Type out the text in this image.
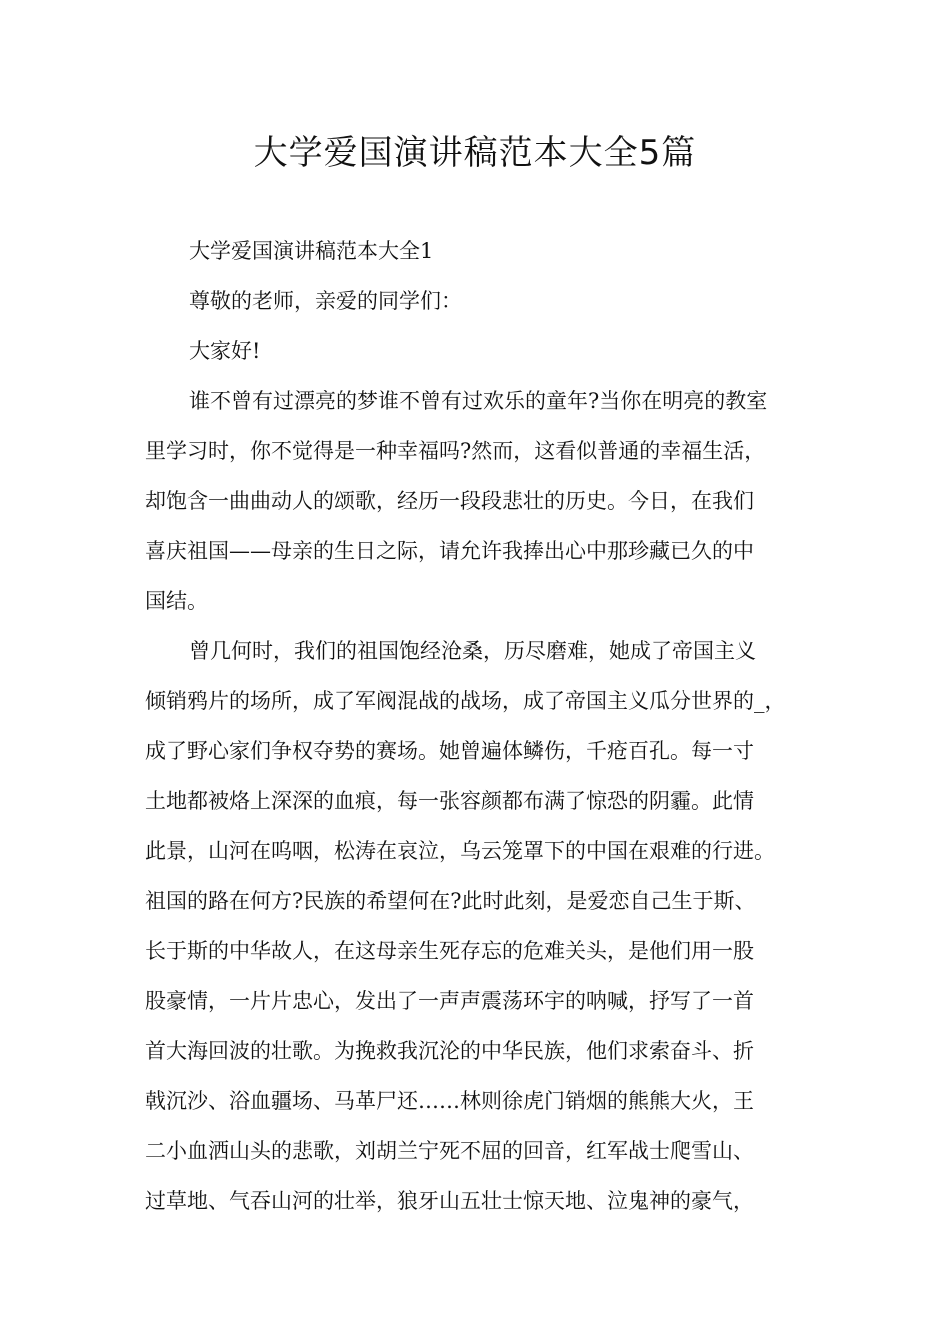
大学爱国演讲稿范本大全5篇
大学爱国演讲稿范本大全1
尊敬的老师，亲爱的同学们：
大家好!
谁不曾有过漂亮的梦谁不曾有过欢乐的童年?当你在明亮的教室
里学习时，你不觉得是一种幸福吗?然而，这看似普通的幸福生活，
却饱含一曲曲动人的颂歌，经历一段段悲壮的历史。今日，在我们
喜庆祖国——母亲的生日之际，请允许我捧出心中那珍藏已久的中
国结。
曾几何时，我们的祖国饱经沧桑，历尽磨难，她成了帝国主义
倾销鸦片的场所，成了军阀混战的战场，成了帝国主义瓜分世界的_，
成了野心家们争权夺势的赛场。她曾遍体鳞伤，千疮百孔。每一寸
土地都被烙上深深的血痕，每一张容颜都布满了惊恐的阴霾。此情
此景，山河在呜咽，松涛在哀泣，乌云笼罩下的中国在艰难的行进。
祖国的路在何方?民族的希望何在?此时此刻，是爱恋自己生于斯、
长于斯的中华故人，在这母亲生死存忘的危难关头，是他们用一股
股豪情，一片片忠心，发出了一声声震荡环宇的呐喊，抒写了一首
首大海回波的壮歌。为挽救我沉沦的中华民族，他们求索奋斗、折
戟沉沙、浴血疆场、马革尸还……林则徐虎门销烟的熊熊大火，王
二小血洒山头的悲歌，刘胡兰宁死不屈的回音，红军战士爬雪山、
过草地、气吞山河的壮举，狼牙山五壮士惊天地、泣鬼神的豪气，
